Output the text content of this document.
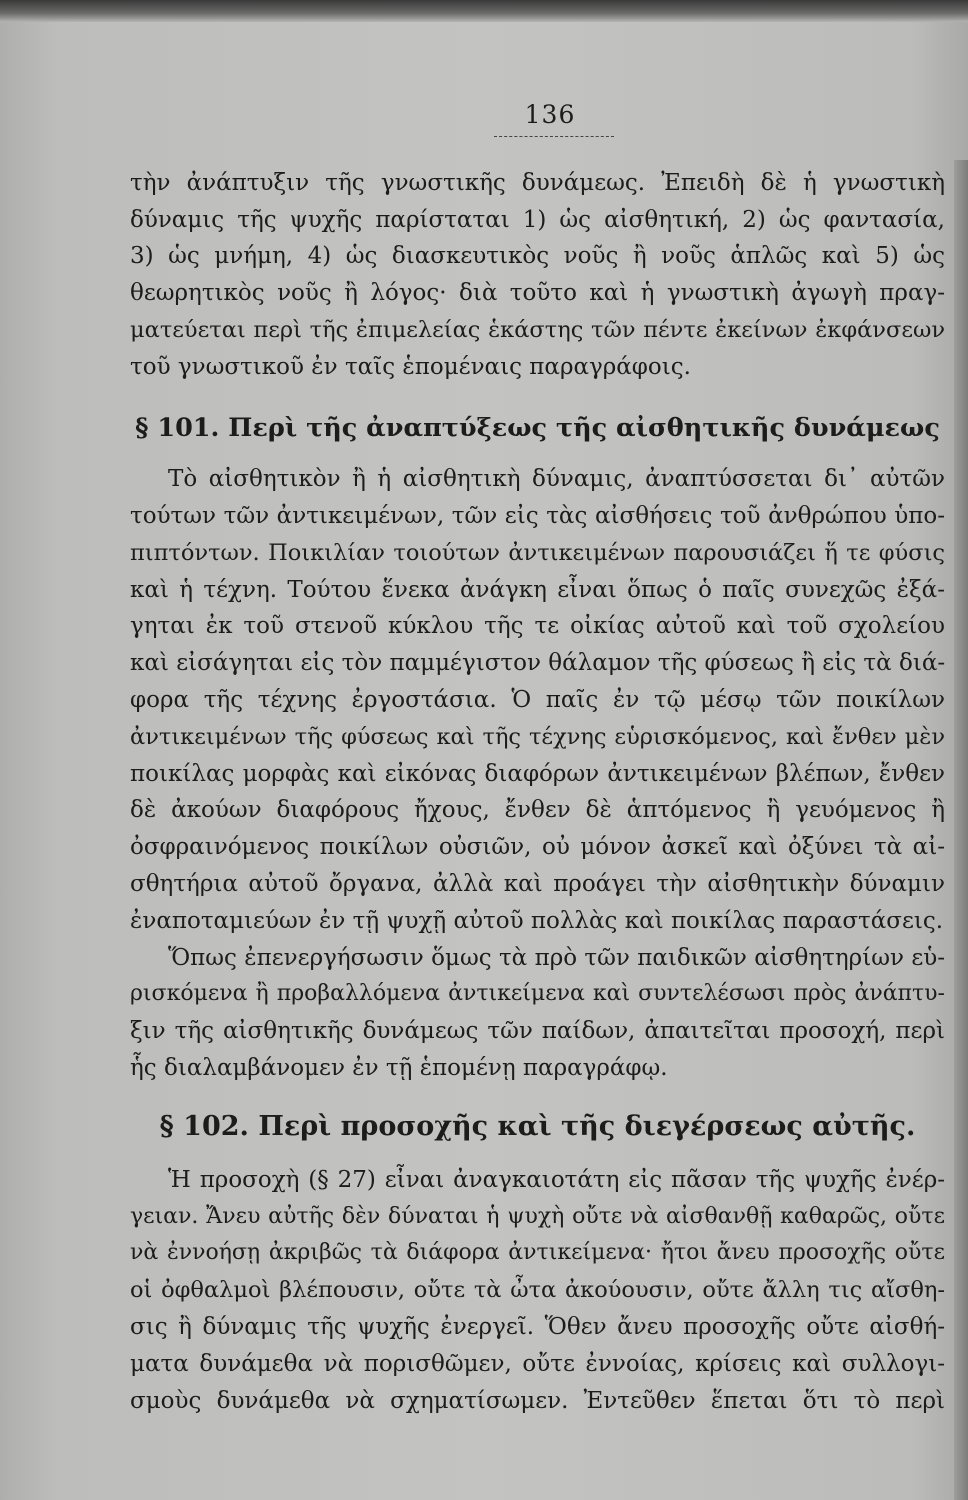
136

τὴν ἀνάπτυξιν τῆς γνωστικῆς δυνάμεως. Ἐπειδὴ δὲ ἡ γνωστικὴ
δύναμις τῆς ψυχῆς παρίσταται 1) ὡς αἰσθητική, 2) ὡς φαντασία,
3) ὡς μνήμη, 4) ὡς διασκευτικὸς νοῦς ἢ νοῦς ἁπλῶς καὶ 5) ὡς
θεωρητικὸς νοῦς ἢ λόγος· διὰ τοῦτο καὶ ἡ γνωστικὴ ἀγωγὴ πραγ-
ματεύεται περὶ τῆς ἐπιμελείας ἑκάστης τῶν πέντε ἐκείνων ἐκφάνσεων
τοῦ γνωστικοῦ ἐν ταῖς ἑπομέναις παραγράφοις.

§ 101. Περὶ τῆς ἀναπτύξεως τῆς αἰσθητικῆς δυνάμεως

Τὸ αἰσθητικὸν ἢ ἡ αἰσθητικὴ δύναμις, ἀναπτύσσεται δι᾽ αὐτῶν
τούτων τῶν ἀντικειμένων, τῶν εἰς τὰς αἰσθήσεις τοῦ ἀνθρώπου ὑπο-
πιπτόντων. Ποικιλίαν τοιούτων ἀντικειμένων παρουσιάζει ἥ τε φύσις
καὶ ἡ τέχνη. Τούτου ἕνεκα ἀνάγκη εἶναι ὅπως ὁ παῖς συνεχῶς ἐξά-
γηται ἐκ τοῦ στενοῦ κύκλου τῆς τε οἰκίας αὐτοῦ καὶ τοῦ σχολείου
καὶ εἰσάγηται εἰς τὸν παμμέγιστον θάλαμον τῆς φύσεως ἢ εἰς τὰ διά-
φορα τῆς τέχνης ἐργοστάσια. Ὁ παῖς ἐν τῷ μέσῳ τῶν ποικίλων
ἀντικειμένων τῆς φύσεως καὶ τῆς τέχνης εὑρισκόμενος, καὶ ἔνθεν μὲν
ποικίλας μορφὰς καὶ εἰκόνας διαφόρων ἀντικειμένων βλέπων, ἔνθεν
δὲ ἀκούων διαφόρους ἤχους, ἔνθεν δὲ ἁπτόμενος ἢ γευόμενος ἢ
ὀσφραινόμενος ποικίλων οὐσιῶν, οὐ μόνον ἀσκεῖ καὶ ὀξύνει τὰ αἰ-
σθητήρια αὐτοῦ ὄργανα, ἀλλὰ καὶ προάγει τὴν αἰσθητικὴν δύναμιν
ἐναποταμιεύων ἐν τῇ ψυχῇ αὐτοῦ πολλὰς καὶ ποικίλας παραστάσεις.

Ὅπως ἐπενεργήσωσιν ὅμως τὰ πρὸ τῶν παιδικῶν αἰσθητηρίων εὑ-
ρισκόμενα ἢ προβαλλόμενα ἀντικείμενα καὶ συντελέσωσι πρὸς ἀνάπτυ-
ξιν τῆς αἰσθητικῆς δυνάμεως τῶν παίδων, ἀπαιτεῖται προσοχή, περὶ
ἧς διαλαμβάνομεν ἐν τῇ ἑπομένῃ παραγράφῳ.

§ 102. Περὶ προσοχῆς καὶ τῆς διεγέρσεως αὐτῆς.

Ἡ προσοχὴ (§ 27) εἶναι ἀναγκαιοτάτη εἰς πᾶσαν τῆς ψυχῆς ἐνέρ-
γειαν. Ἄνευ αὐτῆς δὲν δύναται ἡ ψυχὴ οὔτε νὰ αἰσθανθῇ καθαρῶς, οὔτε
νὰ ἐννοήσῃ ἀκριβῶς τὰ διάφορα ἀντικείμενα· ἤτοι ἄνευ προσοχῆς οὔτε
οἱ ὀφθαλμοὶ βλέπουσιν, οὔτε τὰ ὦτα ἀκούουσιν, οὔτε ἄλλη τις αἴσθη-
σις ἢ δύναμις τῆς ψυχῆς ἐνεργεῖ. Ὅθεν ἄνευ προσοχῆς οὔτε αἰσθή-
ματα δυνάμεθα νὰ πορισθῶμεν, οὔτε ἐννοίας, κρίσεις καὶ συλλογι-
σμοὺς δυνάμεθα νὰ σχηματίσωμεν. Ἐντεῦθεν ἕπεται ὅτι τὸ περὶ
